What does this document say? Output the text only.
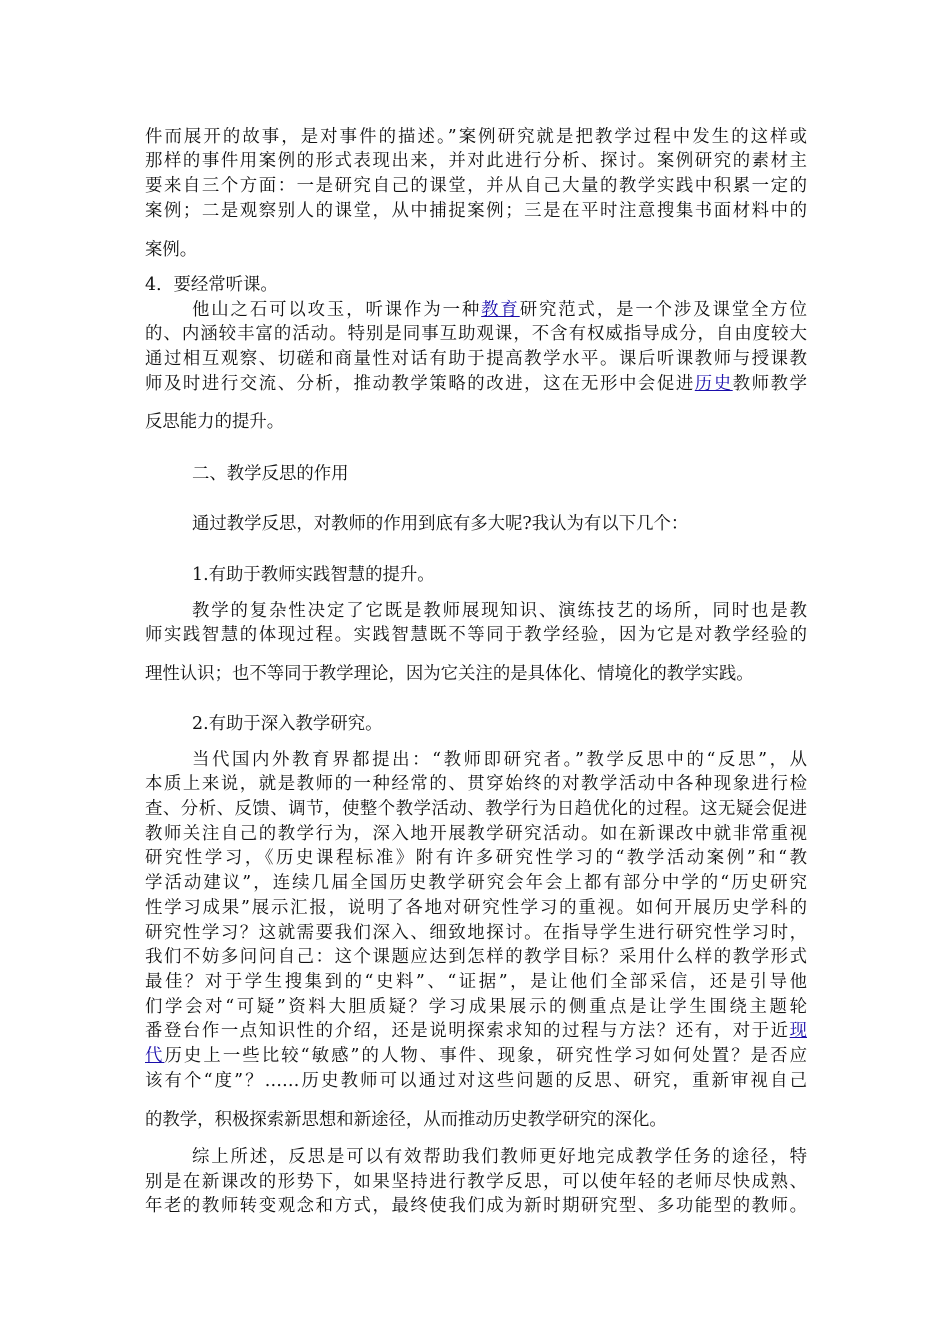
件而展开的故事，是对事件的描述。”案例研究就是把教学过程中发生的这样或
那样的事件用案例的形式表现出来，并对此进行分析、探讨。案例研究的素材主
要来自三个方面：一是研究自己的课堂，并从自己大量的教学实践中积累一定的
案例；二是观察别人的课堂，从中捕捉案例；三是在平时注意搜集书面材料中的
案例。
4．要经常听课。
他山之石可以攻玉，听课作为一种教育研究范式，是一个涉及课堂全方位
的、内涵较丰富的活动。特别是同事互助观课，不含有权威指导成分，自由度较大
通过相互观察、切磋和商量性对话有助于提高教学水平。课后听课教师与授课教
师及时进行交流、分析，推动教学策略的改进，这在无形中会促进历史教师教学
反思能力的提升。
二、教学反思的作用
通过教学反思，对教师的作用到底有多大呢?我认为有以下几个：
1.有助于教师实践智慧的提升。
教学的复杂性决定了它既是教师展现知识、演练技艺的场所，同时也是教
师实践智慧的体现过程。实践智慧既不等同于教学经验，因为它是对教学经验的
理性认识；也不等同于教学理论，因为它关注的是具体化、情境化的教学实践。
2.有助于深入教学研究。
当代国内外教育界都提出：“教师即研究者。”教学反思中的“反思”，从
本质上来说，就是教师的一种经常的、贯穿始终的对教学活动中各种现象进行检
查、分析、反馈、调节，使整个教学活动、教学行为日趋优化的过程。这无疑会促进
教师关注自己的教学行为，深入地开展教学研究活动。如在新课改中就非常重视
研究性学习，《历史课程标准》附有许多研究性学习的“教学活动案例”和“教
学活动建议”，连续几届全国历史教学研究会年会上都有部分中学的“历史研究
性学习成果”展示汇报，说明了各地对研究性学习的重视。如何开展历史学科的
研究性学习？这就需要我们深入、细致地探讨。在指导学生进行研究性学习时，
我们不妨多问问自己：这个课题应达到怎样的教学目标？采用什么样的教学形式
最佳？对于学生搜集到的“史料”、“证据”，是让他们全部采信，还是引导他
们学会对“可疑”资料大胆质疑？学习成果展示的侧重点是让学生围绕主题轮
番登台作一点知识性的介绍，还是说明探索求知的过程与方法？还有，对于近现
代历史上一些比较“敏感”的人物、事件、现象，研究性学习如何处置？是否应
该有个“度”？……历史教师可以通过对这些问题的反思、研究，重新审视自己
的教学，积极探索新思想和新途径，从而推动历史教学研究的深化。
综上所述，反思是可以有效帮助我们教师更好地完成教学任务的途径，特
别是在新课改的形势下，如果坚持进行教学反思，可以使年轻的老师尽快成熟、
年老的教师转变观念和方式，最终使我们成为新时期研究型、多功能型的教师。
